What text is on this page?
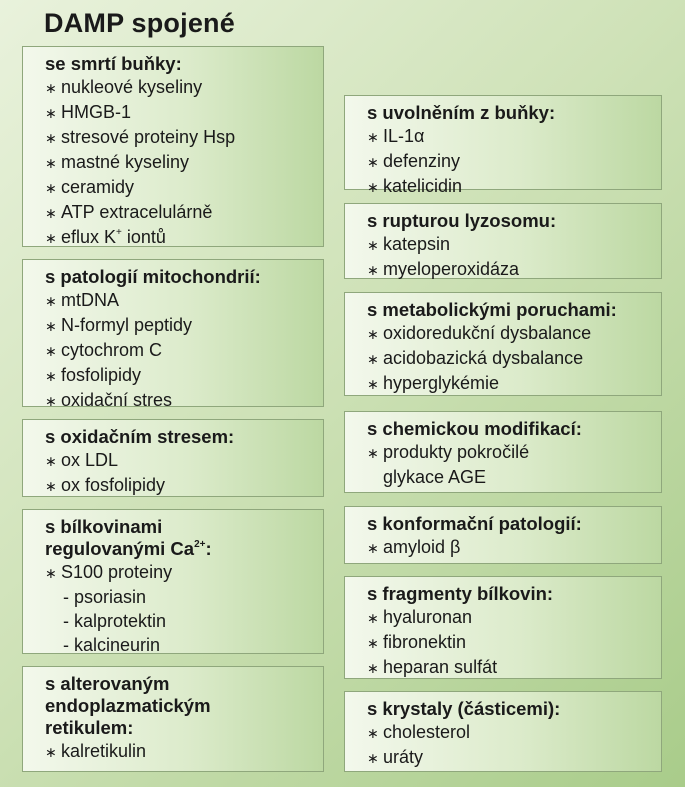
DAMP spojené
se smrtí buňky:
∗ nukleové kyseliny
∗ HMGB-1
∗ stresové proteiny Hsp
∗ mastné kyseliny
∗ ceramidy
∗ ATP extracelulárně
∗ eflux K+ iontů
s patologií mitochondrií:
∗ mtDNA
∗ N-formyl peptidy
∗ cytochrom C
∗ fosfolipidy
∗ oxidační stres
s oxidačním stresem:
∗ ox LDL
∗ ox fosfolipidy
s bílkovinami
regulovanými $Ca^{2+}$:
∗ S100 proteiny
- psoriasin
- kalprotektin
- kalcineurin
s alterovaným
endoplazmatickým
retikulem:
∗ kalretikulin
s uvolněním z buňky:
∗ IL-1α
∗ defenziny
∗ katelicidin
s rupturou lyzosomu:
∗ katepsin
∗ myeloperoxidáza
s metabolickými poruchami:
∗ oxidoredukční dysbalance
∗ acidobazická dysbalance
∗ hyperglykémie
s chemickou modifikací:
∗ produkty pokročilé
glykace AGE
s konformační patologií:
∗ amyloid β
s fragmenty bílkovin:
∗ hyaluronan
∗ fibronektin
∗ heparan sulfát
s krystaly (částicemi):
∗ cholesterol
∗ uráty
